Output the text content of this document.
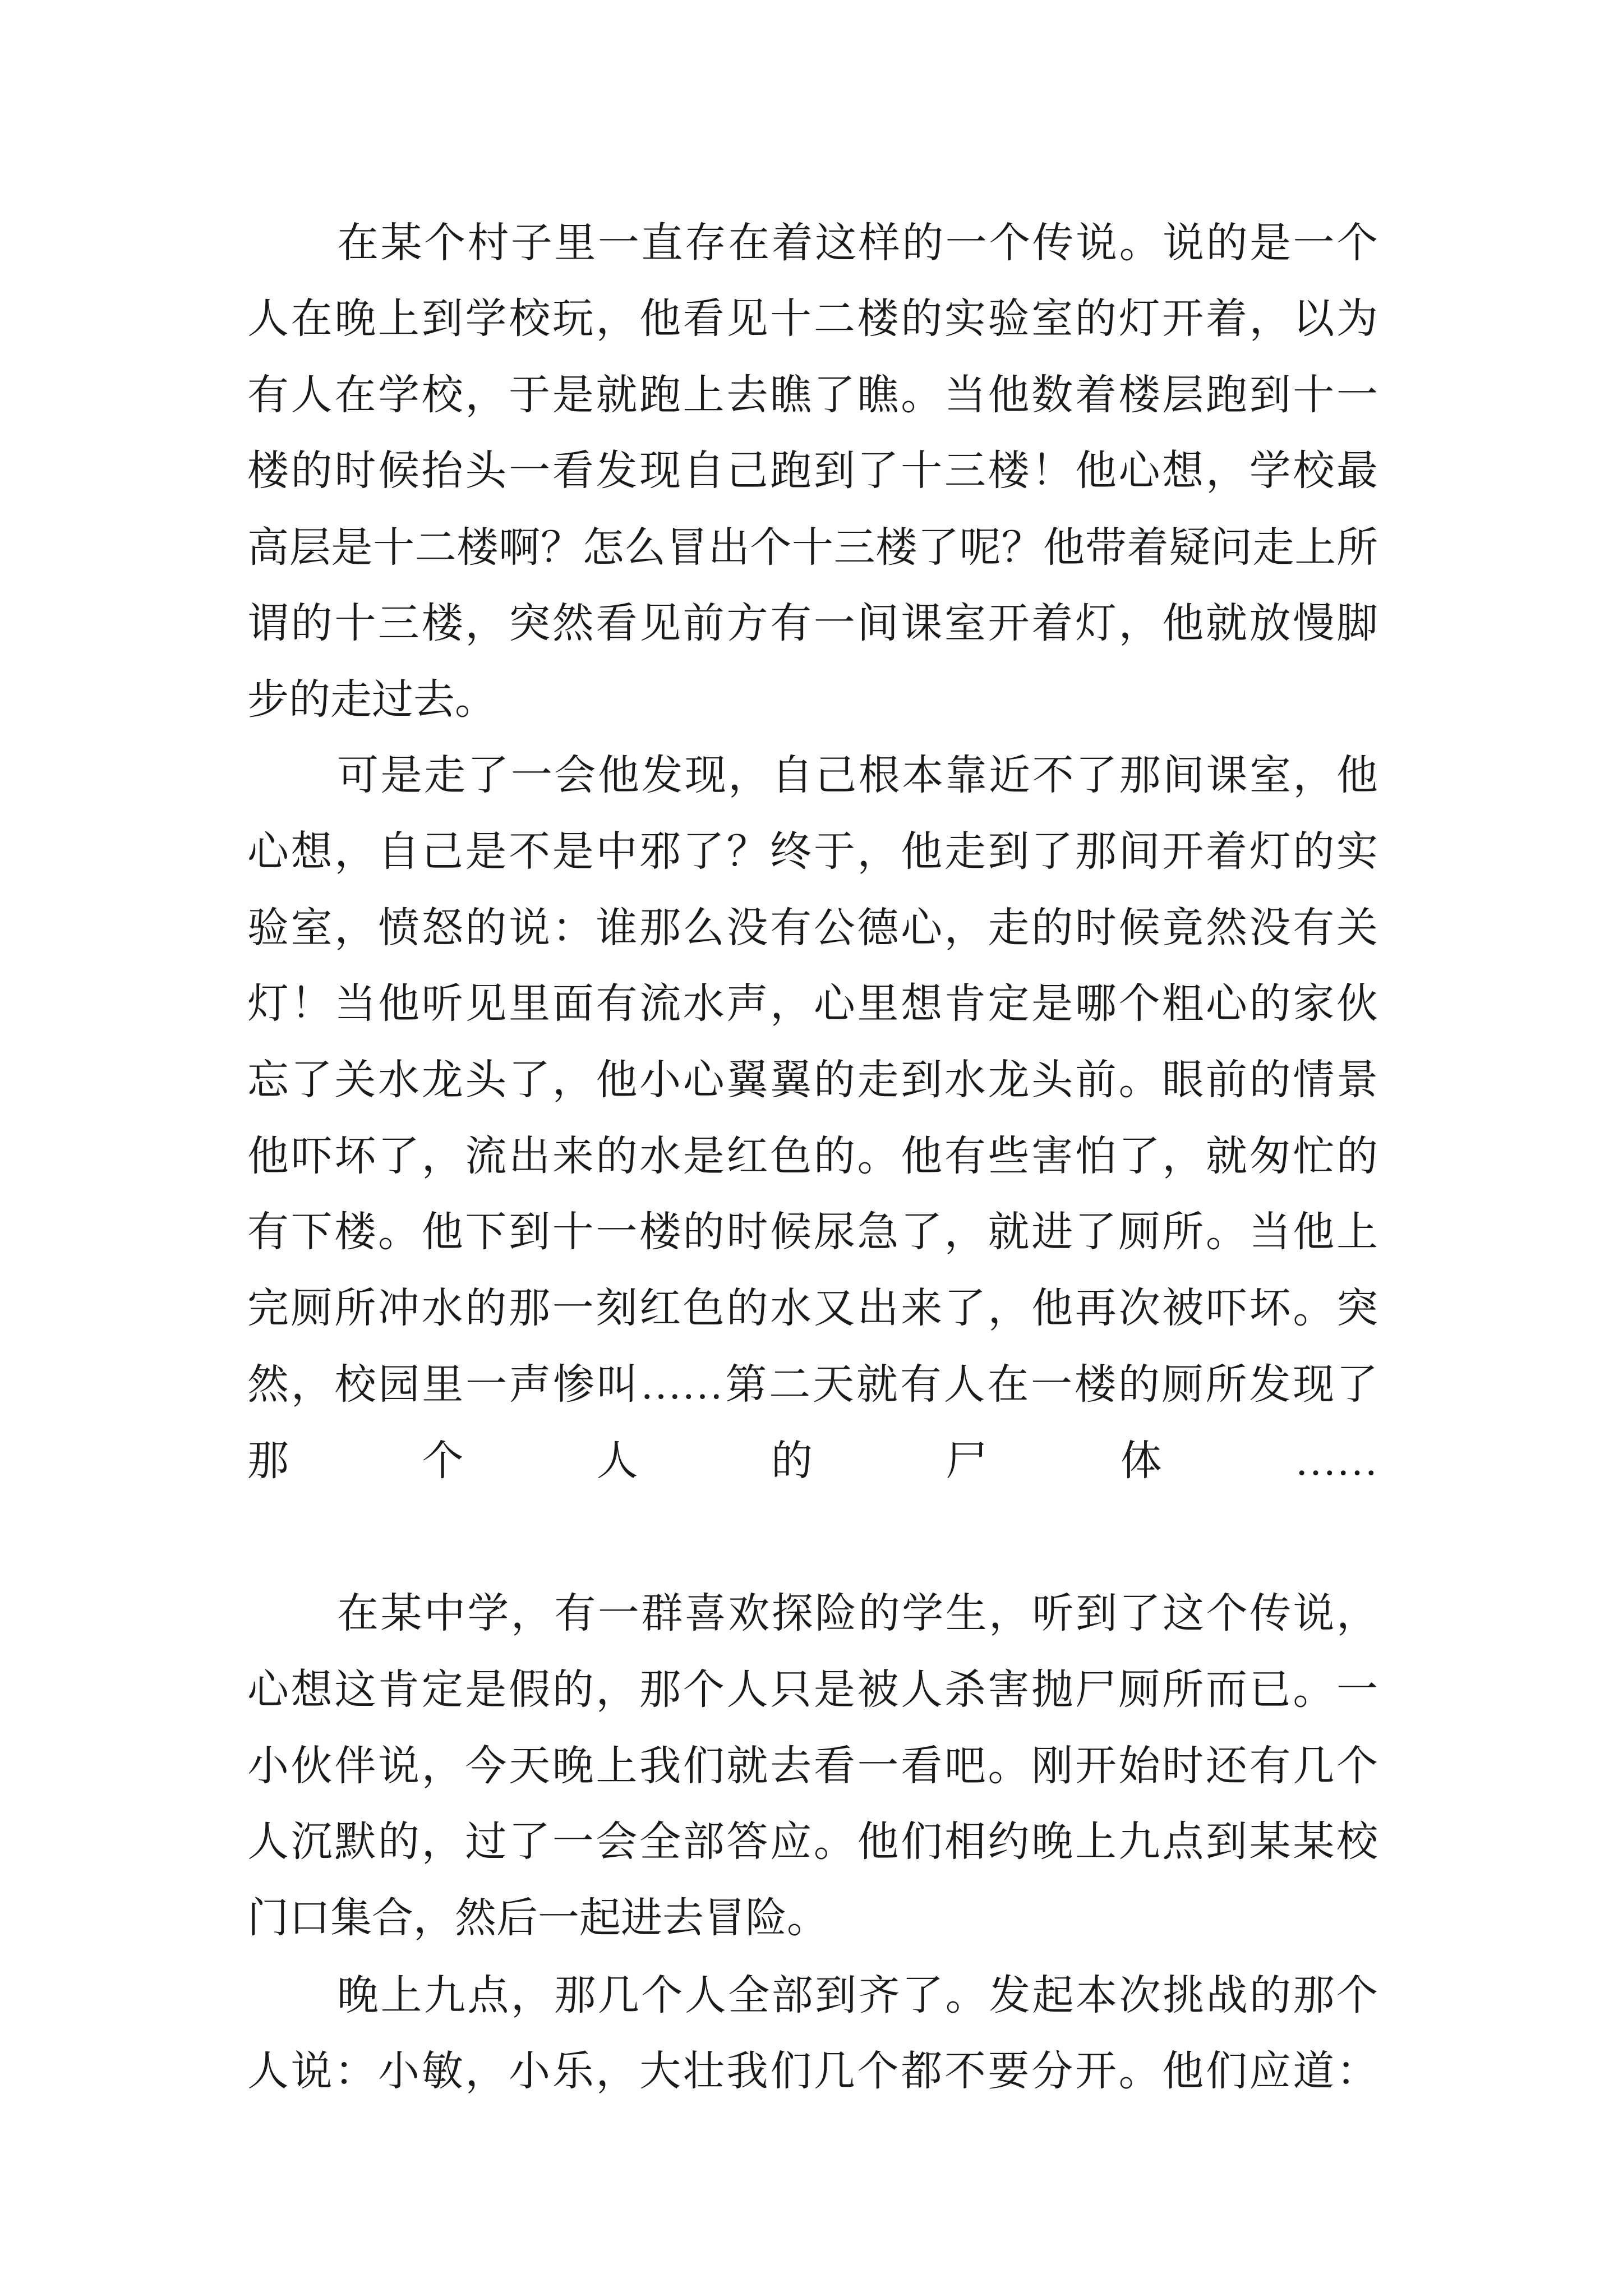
在某个村子里一直存在着这样的一个传说。说的是一个
人在晚上到学校玩，他看见十二楼的实验室的灯开着，以为
有人在学校，于是就跑上去瞧了瞧。当他数着楼层跑到十一
楼的时候抬头一看发现自己跑到了十三楼！他心想，学校最
高层是十二楼啊？怎么冒出个十三楼了呢？他带着疑问走上所
谓的十三楼，突然看见前方有一间课室开着灯，他就放慢脚
步的走过去。
可是走了一会他发现，自己根本靠近不了那间课室，他
心想，自己是不是中邪了？终于，他走到了那间开着灯的实
验室，愤怒的说：谁那么没有公德心，走的时候竟然没有关
灯！当他听见里面有流水声，心里想肯定是哪个粗心的家伙
忘了关水龙头了，他小心翼翼的走到水龙头前。眼前的情景
他吓坏了，流出来的水是红色的。他有些害怕了，就匆忙的
有下楼。他下到十一楼的时候尿急了，就进了厕所。当他上
完厕所冲水的那一刻红色的水又出来了，他再次被吓坏。突
然，校园里一声惨叫……第二天就有人在一楼的厕所发现了
那个人的尸体……
在某中学，有一群喜欢探险的学生，听到了这个传说，
心想这肯定是假的，那个人只是被人杀害抛尸厕所而已。一
小伙伴说，今天晚上我们就去看一看吧。刚开始时还有几个
人沉默的，过了一会全部答应。他们相约晚上九点到某某校
门口集合，然后一起进去冒险。
晚上九点，那几个人全部到齐了。发起本次挑战的那个
人说：小敏，小乐，大壮我们几个都不要分开。他们应道：
